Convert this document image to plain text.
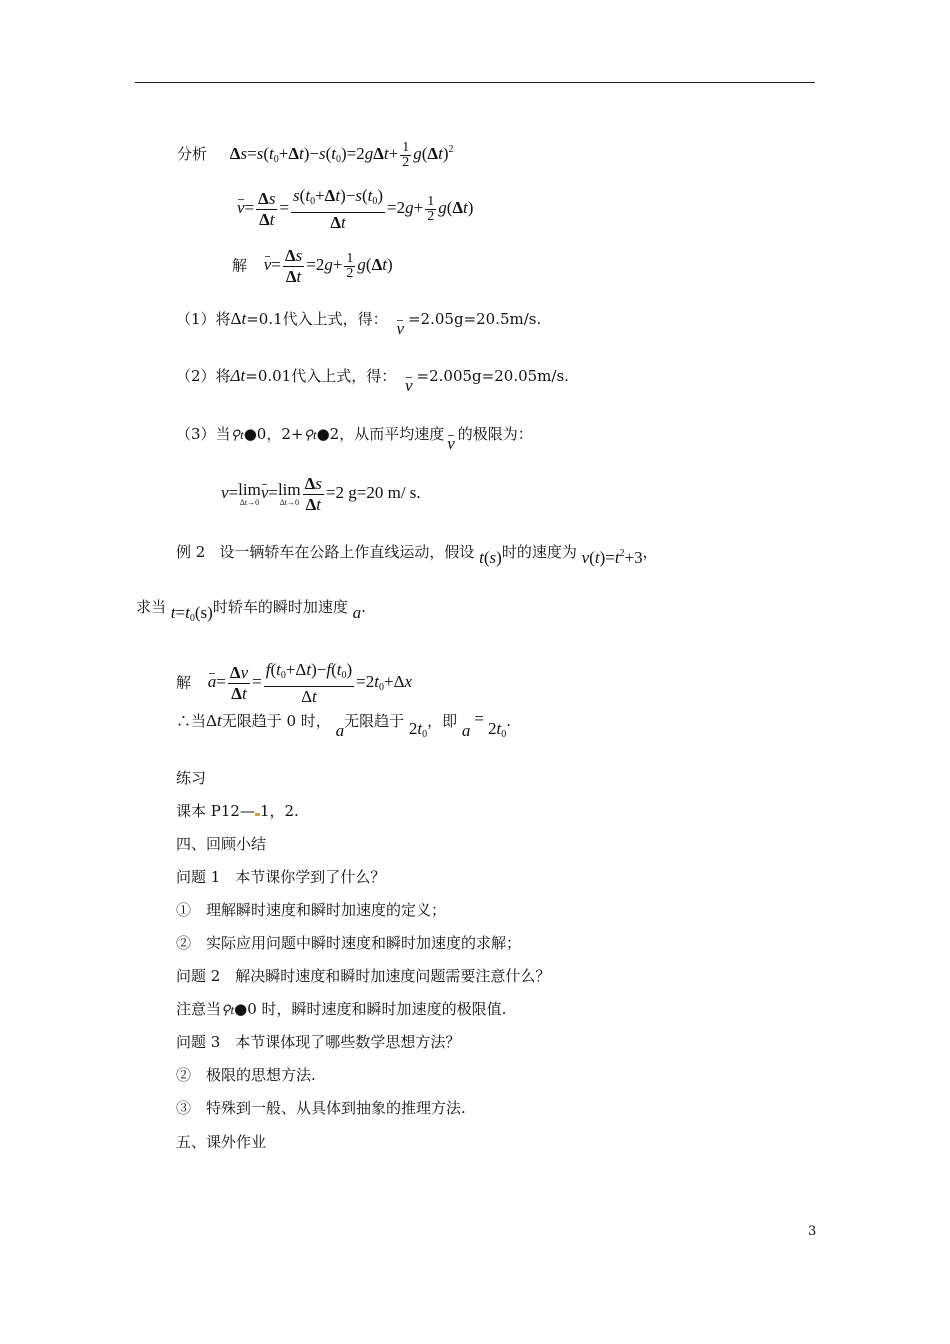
分析 $\Delta s=s(t_0+\Delta t)-s(t_0)=2g\Delta t+ \frac{1}{2} g(\Delta t)^2$
$v= \frac{\Delta s}{\Delta t} = \frac{s(t_0+\Delta t)-s(t_0)}{\Delta t} =2g+ \frac{1}{2} g(\Delta t)$
解 $v= \frac{\Delta s}{\Delta t} =2g+ \frac{1}{2} g(\Delta t)$
（1）将Δt=0.1代入上式，得： v =2.05g=20.5m/s.
（2）将Δt=0.01代入上式，得： v =2.005g=20.05m/s.
（3）当⚲t●0，2+⚲t●2，从而平均速度 v 的极限为：
v= lim
Δt→0 v= lim
$\Delta t\to 0 \frac{\Delta s}{\Delta t} =2$ g=20 m/ s.
例 2 设一辆轿车在公路上作直线运动，假设 t(s)时的速度为 $v(t)=t^2+3$，
求当 $t=t_0(s)$时轿车的瞬时加速度 a.
解 $a= \frac{\Delta v}{\Delta t} = \frac{f(t_0+\Delta t)-f(t_0)}{\Delta t} =2t_0+\Delta x$
∴当Δt无限趋于 0 时， a无限趋于 $2t_0$，即 $a=2t_0$.
练习
课本 P12— 1，2.
四、回顾小结
问题 1　本节课你学到了什么？
①　理解瞬时速度和瞬时加速度的定义；
②　实际应用问题中瞬时速度和瞬时加速度的求解；
问题 2　解决瞬时速度和瞬时加速度问题需要注意什么？
注意当⚲t●0 时，瞬时速度和瞬时加速度的极限值.
问题 3　本节课体现了哪些数学思想方法？
②　极限的思想方法.
③　特殊到一般、从具体到抽象的推理方法.
五、课外作业
3
